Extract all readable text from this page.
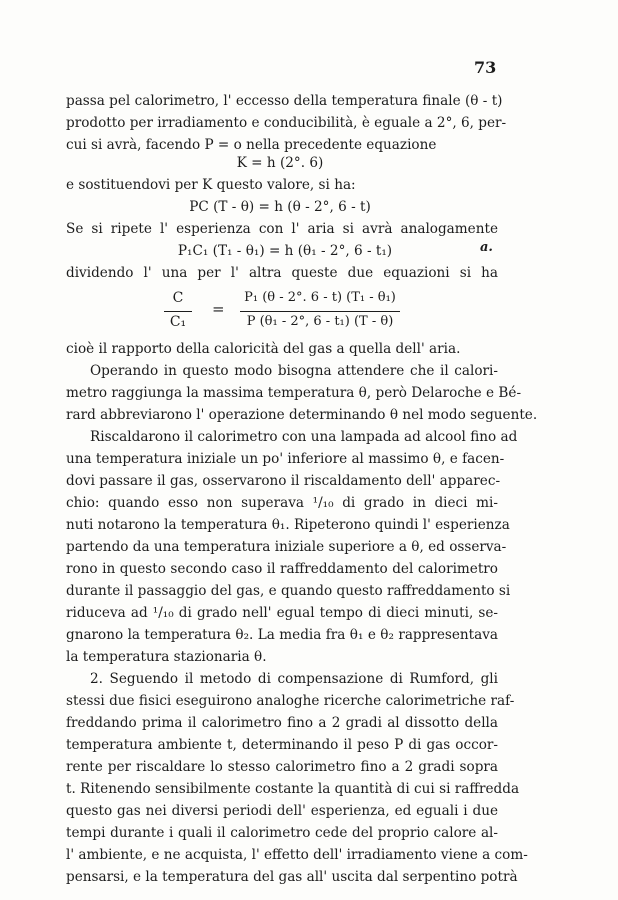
73
passa pel calorimetro, l' eccesso della temperatura finale (θ - t)
prodotto per irradiamento e conducibilità, è eguale a 2°, 6, per-
cui si avrà, facendo P = o nella precedente equazione
K = h (2°. 6)
e sostituendovi per K questo valore, si ha:
PC (T - θ) = h (θ - 2°, 6 - t)
Se si ripete l' esperienza con l' aria si avrà analogamente
P₁C₁ (T₁ - θ₁) = h (θ₁ - 2°, 6 - t₁)	a.
dividendo l' una per l' altra queste due equazioni si ha
C
C₁
=
P₁ (θ - 2°. 6 - t) (T₁ - θ₁)
P (θ₁ - 2°, 6 - t₁) (T - θ)
cioè il rapporto della caloricità del gas a quella dell' aria.
Operando in questo modo bisogna attendere che il calori-
metro raggiunga la massima temperatura θ, però Delaroche e Bé-
rard abbreviarono l' operazione determinando θ nel modo seguente.
Riscaldarono il calorimetro con una lampada ad alcool fino ad
una temperatura iniziale un po' inferiore al massimo θ, e facen-
dovi passare il gas, osservarono il riscaldamento dell' apparec-
chio: quando esso non superava ¹/₁₀ di grado in dieci mi-
nuti notarono la temperatura θ₁. Ripeterono quindi l' esperienza
partendo da una temperatura iniziale superiore a θ, ed osserva-
rono in questo secondo caso il raffreddamento del calorimetro
durante il passaggio del gas, e quando questo raffreddamento si
riduceva ad ¹/₁₀ di grado nell' egual tempo di dieci minuti, se-
gnarono la temperatura θ₂. La media fra θ₁ e θ₂ rappresentava
la temperatura stazionaria θ.
2. Seguendo il metodo di compensazione di Rumford, gli
stessi due fisici eseguirono analoghe ricerche calorimetriche raf-
freddando prima il calorimetro fino a 2 gradi al dissotto della
temperatura ambiente t, determinando il peso P di gas occor-
rente per riscaldare lo stesso calorimetro fino a 2 gradi sopra
t. Ritenendo sensibilmente costante la quantità di cui si raffredda
questo gas nei diversi periodi dell' esperienza, ed eguali i due
tempi durante i quali il calorimetro cede del proprio calore al-
l' ambiente, e ne acquista, l' effetto dell' irradiamento viene a com-
pensarsi, e la temperatura del gas all' uscita dal serpentino potrà
